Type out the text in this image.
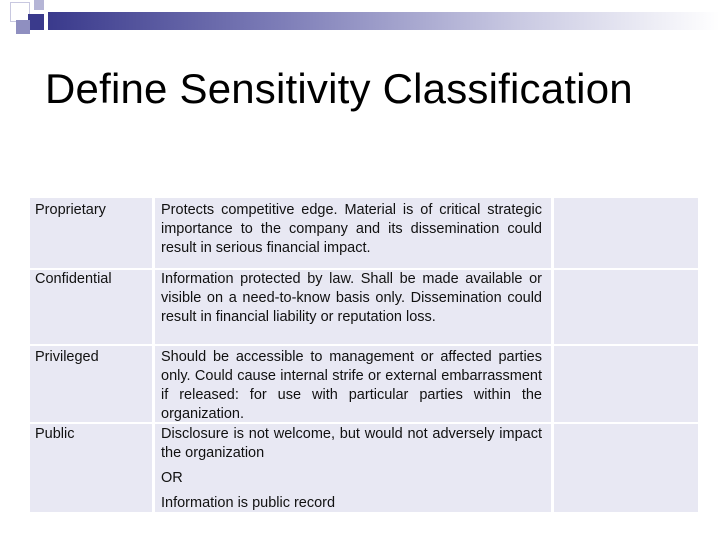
Define Sensitivity Classification
Sensitivity
Classification
Description	Information
Covered
Proprietary	Protects competitive edge. Material is of critical strategic importance to the company and its dissemination could result in serious financial impact.
Confidential	Information protected by law. Shall be made available or visible on a need-to-know basis only. Dissemination could result in financial liability or reputation loss.
Privileged	Should be accessible to management or affected parties only. Could cause internal strife or external embarrassment if released: for use with particular parties within the organization.
Public	Disclosure is not welcome, but would not adversely impact the organization
OR
Information is public record
